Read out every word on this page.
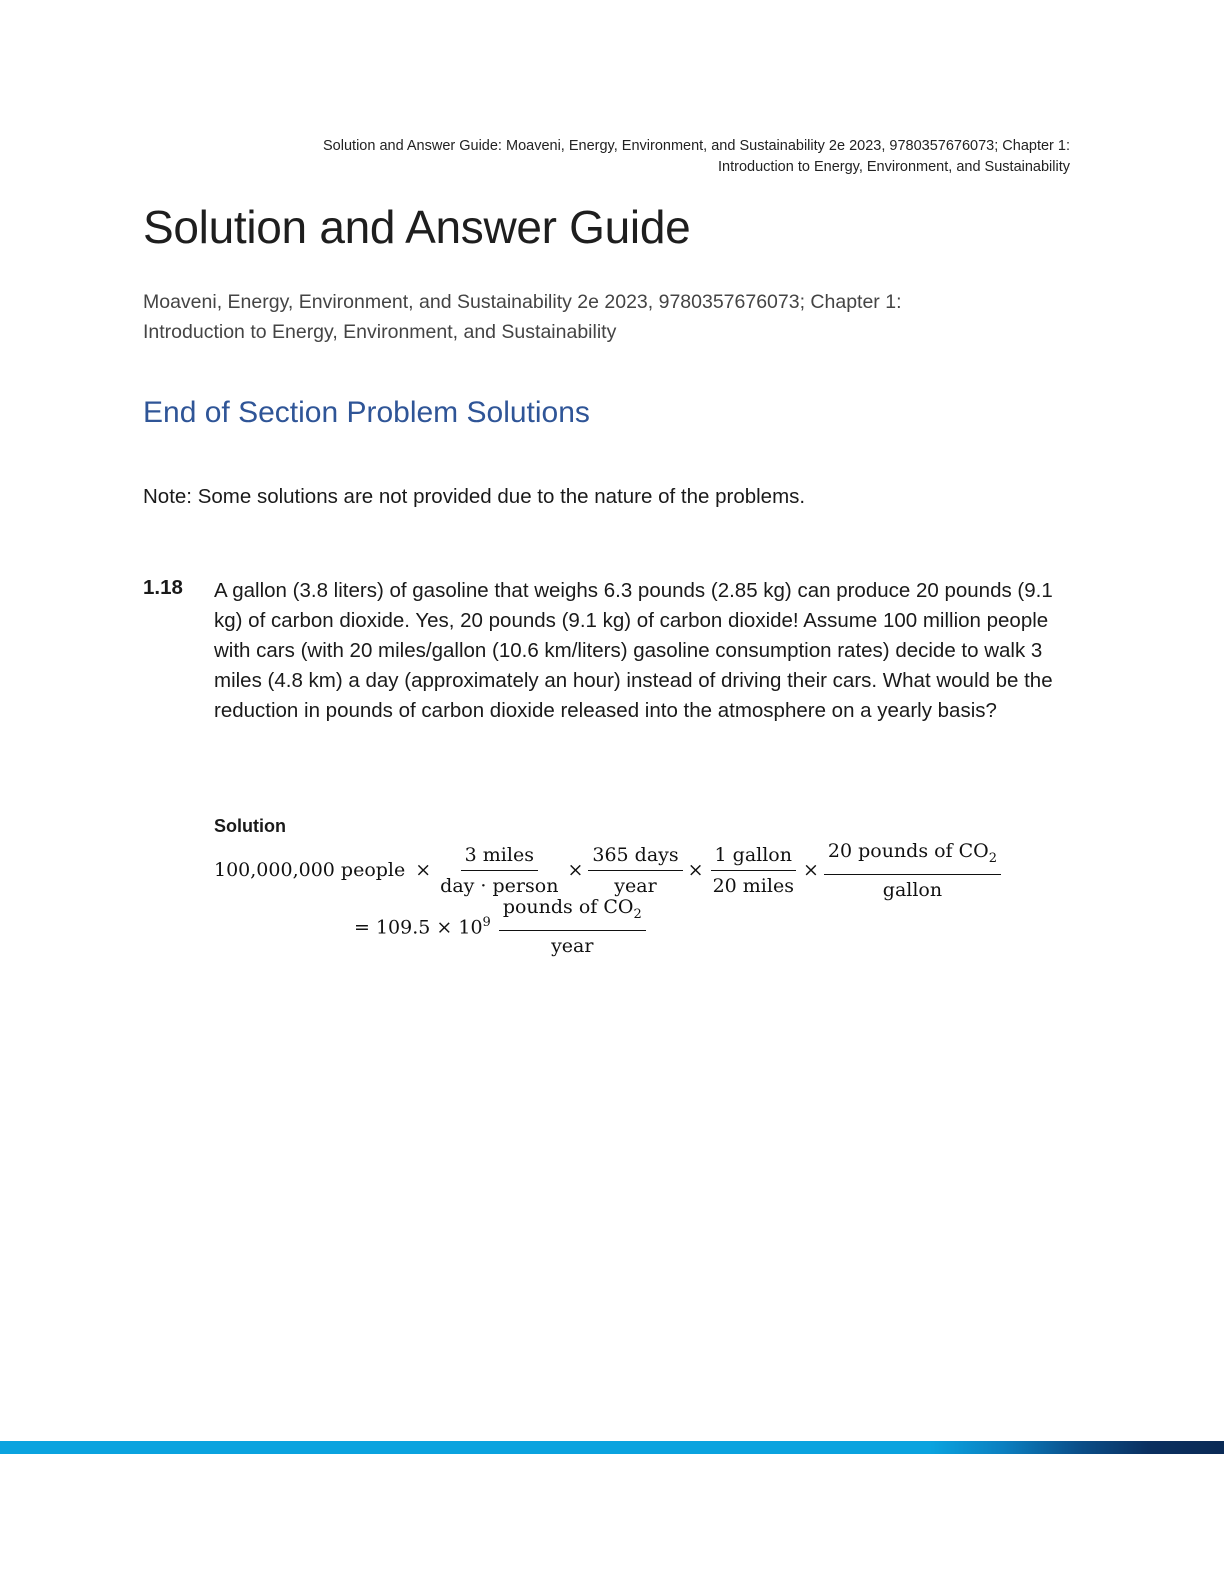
Solution and Answer Guide: Moaveni, Energy, Environment, and Sustainability 2e 2023, 9780357676073; Chapter 1:
Introduction to Energy, Environment, and Sustainability
Solution and Answer Guide
Moaveni, Energy, Environment, and Sustainability 2e 2023, 9780357676073; Chapter 1:
Introduction to Energy, Environment, and Sustainability
End of Section Problem Solutions
Note: Some solutions are not provided due to the nature of the problems.
1.18 A gallon (3.8 liters) of gasoline that weighs 6.3 pounds (2.85 kg) can produce 20 pounds (9.1 kg) of carbon dioxide. Yes, 20 pounds (9.1 kg) of carbon dioxide! Assume 100 million people with cars (with 20 miles/gallon (10.6 km/liters) gasoline consumption rates) decide to walk 3 miles (4.8 km) a day (approximately an hour) instead of driving their cars. What would be the reduction in pounds of carbon dioxide released into the atmosphere on a yearly basis?
Solution
100,000,000 people × $\frac{\text{3 miles}}{\text{day · person}} \times \frac{\text{365 days}}{\text{year}} \times \frac{\text{1 gallon}}{\text{20 miles}} \times \frac{20 pounds of CO_2}{\text{gallon}}$
= $109.5 \times 10^9 \frac{pounds of CO_2}{\text{year}}$
